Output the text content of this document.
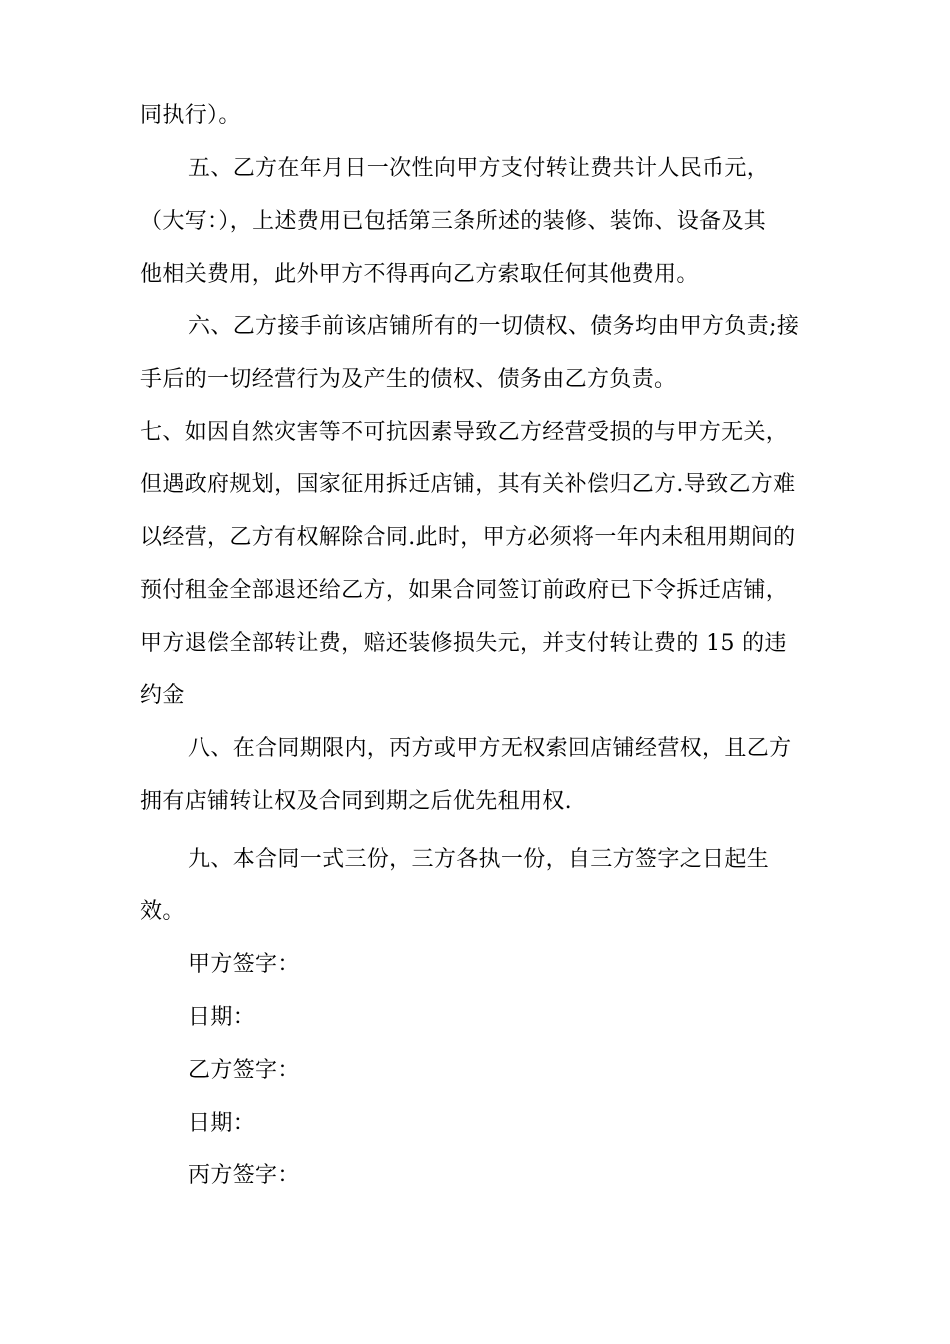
同执行）。
五、乙方在年月日一次性向甲方支付转让费共计人民币元，
（大写：），上述费用已包括第三条所述的装修、装饰、设备及其
他相关费用，此外甲方不得再向乙方索取任何其他费用。
六、乙方接手前该店铺所有的一切债权、债务均由甲方负责;接
手后的一切经营行为及产生的债权、债务由乙方负责。
七、如因自然灾害等不可抗因素导致乙方经营受损的与甲方无关，
但遇政府规划，国家征用拆迁店铺，其有关补偿归乙方.导致乙方难
以经营，乙方有权解除合同.此时，甲方必须将一年内未租用期间的
预付租金全部退还给乙方，如果合同签订前政府已下令拆迁店铺，
甲方退偿全部转让费，赔还装修损失元，并支付转让费的 15 的违
约金
八、在合同期限内，丙方或甲方无权索回店铺经营权，且乙方
拥有店铺转让权及合同到期之后优先租用权.
九、本合同一式三份，三方各执一份，自三方签字之日起生
效。
甲方签字：
日期：
乙方签字：
日期：
丙方签字：
